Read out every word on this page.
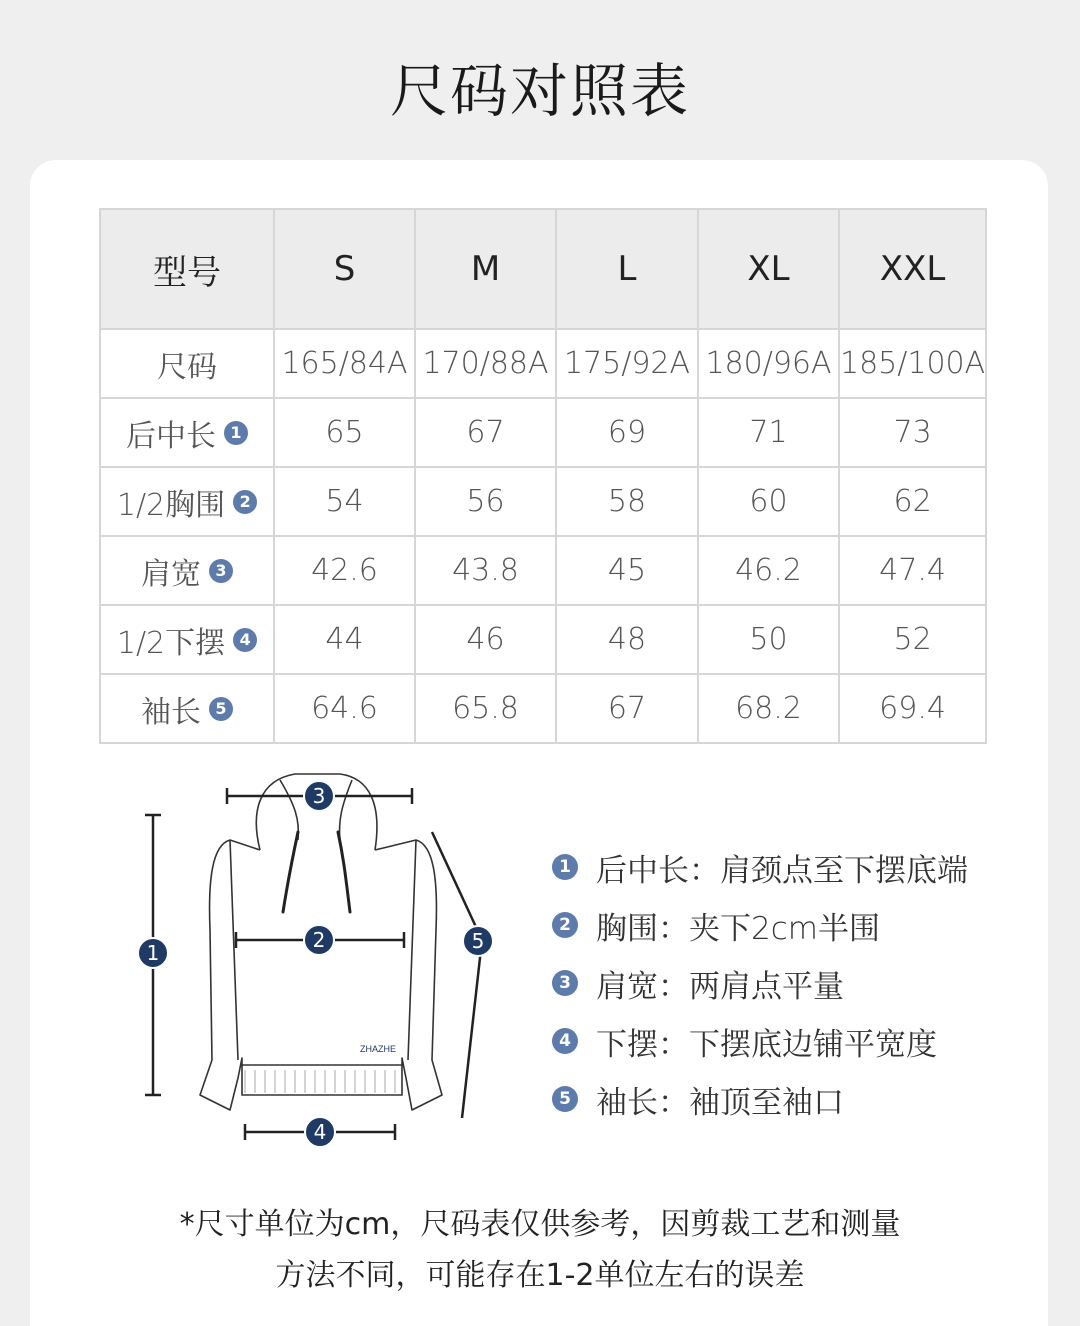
尺码对照表
型号	S	M	L	XL	XXL
尺码	165/84A	170/88A	175/92A	180/96A	185/100A
后中长 1	65	67	69	71	73
1/2胸围 2	54	56	58	60	62
肩宽 3	42.6	43.8	45	46.2	47.4
1/2下摆 4	44	46	48	50	52
袖长 5	64.6	65.8	67	68.2	69.4
ZHAZHE
1
2
3
4
5
1 后中长：肩颈点至下摆底端
2 胸围：夹下2cm半围
3 肩宽：两肩点平量
4 下摆：下摆底边铺平宽度
5 袖长：袖顶至袖口
*尺寸单位为cm，尺码表仅供参考，因剪裁工艺和测量
方法不同，可能存在1-2单位左右的误差
